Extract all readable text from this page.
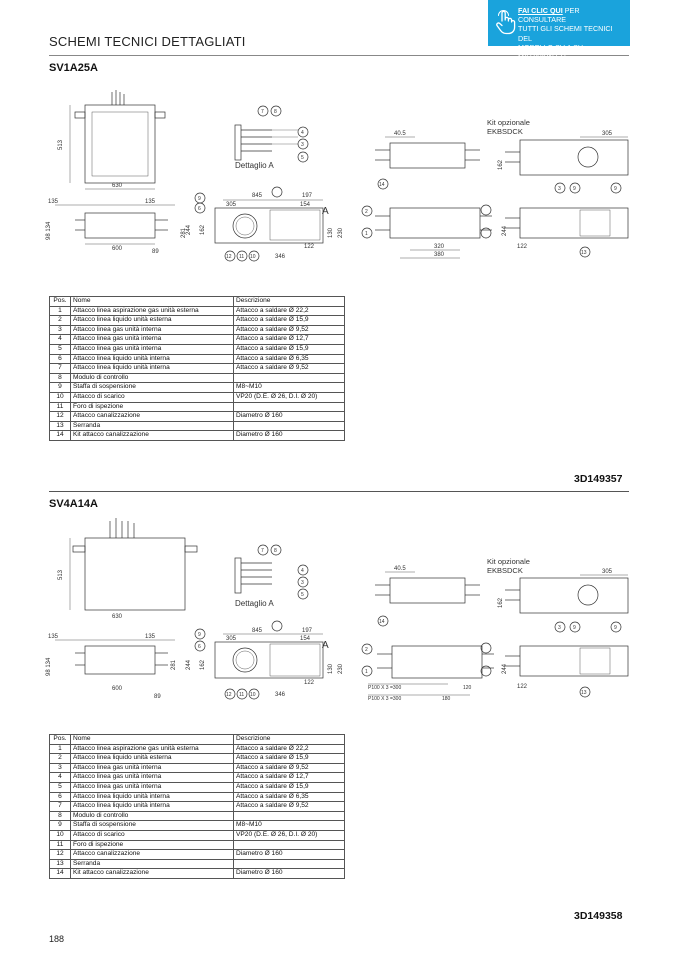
SCHEMI TECNICI DETTAGLIATI
FAI CLIC QUI PER CONSULTARE
TUTTI GLI SCHEMI TECNICI DEL
MODELLO SV-A SU MY.DAIKIN.EU
SV1A25A
513
630
135	135
98 134
600
281
89
7 8
4
3
5
Dettaglio A
845	197
305	154
244 162
122
346
130 230
9
6
12 11 10
A
40.5
14
320
380
2
1
Kit opzionale
EKBSDCK	305
162
244
122
3 9	9
13
Pos.	Nome	Descrizione
1	Attacco linea aspirazione gas unità esterna	Attacco a saldare Ø 22,2
2	Attacco linea liquido unità esterna	Attacco a saldare Ø 15,9
3	Attacco linea gas unità interna	Attacco a saldare Ø 9,52
4	Attacco linea gas unità interna	Attacco a saldare Ø 12,7
5	Attacco linea gas unità interna	Attacco a saldare Ø 15,9
6	Attacco linea liquido unità interna	Attacco a saldare Ø 6,35
7	Attacco linea liquido unità interna	Attacco a saldare Ø 9,52
8	Modulo di controllo	
9	Staffa di sospensione	M8~M10
10	Attacco di scarico	VP20 (D.E. Ø 26, D.I. Ø 20)
11	Foro di ispezione	
12	Attacco canalizzazione	Diametro Ø 160
13	Serranda	
14	Kit attacco canalizzazione	Diametro Ø 160
3D149357
SV4A14A
513
630
135	135
98 134
600
281
89
7 8
4
3
5
Dettaglio A
845	197
305	154
244 162
122
346
130 230
9
6
12 11 10
A
40.5
14
P100 X 3 =300
P100 X 3 =300
120
180
2
1
Kit opzionale
EKBSDCK	305
162
244
122
3 9	9
13
Pos.	Nome	Descrizione
1	Attacco linea aspirazione gas unità esterna	Attacco a saldare Ø 22,2
2	Attacco linea liquido unità esterna	Attacco a saldare Ø 15,9
3	Attacco linea gas unità interna	Attacco a saldare Ø 9,52
4	Attacco linea gas unità interna	Attacco a saldare Ø 12,7
5	Attacco linea gas unità interna	Attacco a saldare Ø 15,9
6	Attacco linea liquido unità interna	Attacco a saldare Ø 6,35
7	Attacco linea liquido unità interna	Attacco a saldare Ø 9,52
8	Modulo di controllo	
9	Staffa di sospensione	M8~M10
10	Attacco di scarico	VP20 (D.E. Ø 26, D.I. Ø 20)
11	Foro di ispezione	
12	Attacco canalizzazione	Diametro Ø 160
13	Serranda	
14	Kit attacco canalizzazione	Diametro Ø 160
3D149358
188
